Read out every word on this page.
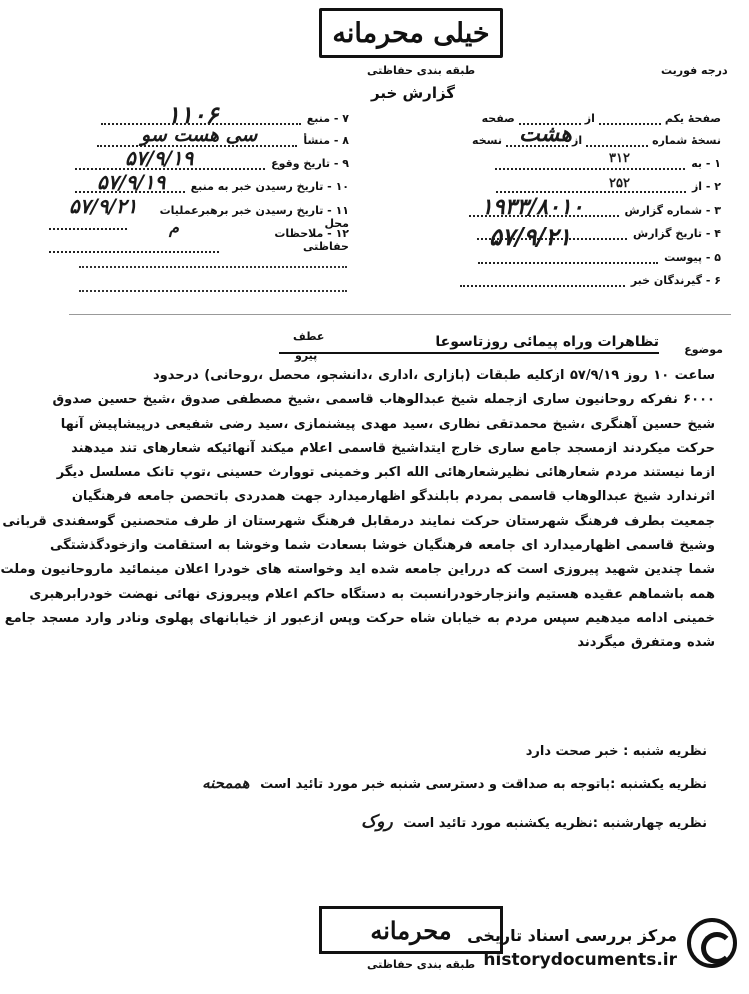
خیلی محرمانه
طبقه بندی حفاظتی
گزارش خبر
درجه فوریت
صفحهٔ یکم
از
صفحه
نسخهٔ شماره
از
نسخه
۱ - به
۲ - از
۳ - شماره گزارش
۴ - تاریخ گزارش
۵ - پیوست
۶ - گیرندگان خبر
هشت
۳۱۲
۲۵۲
۱۹۳۳/۸۰۱۰
۵۷/۹/۲۱
۷ - منبع
۸ - منشأ
۹ - تاریخ وقوع
۱۰ - تاریخ رسیدن خبر به منبع
۱۱ - تاریخ رسیدن خبر برهبرعملیات محل
۱۲ - ملاحظات حفاظتی
۱۱۰۶
سی هست سو
۵۷/۹/۱۹
۵۷/۹/۱۹
۵۷/۹/۲۱
م
موضوع
تظاهرات وراه پیمائی روزتاسوعا
عطف
پیرو
ساعت ۱۰ روز ۵۷/۹/۱۹ ازکلیه طبقات (بازاری ،اداری ،دانشجو، محصل ،روحانی) درحدود
۶۰۰۰ نفرکه روحانیون ساری ازجمله شیخ عبدالوهاب قاسمی ،شیخ مصطفی صدوق ،شیخ حسین صدوق
شیخ حسین آهنگری ،شیخ محمدتقی نظاری ،سید مهدی پیشنمازی ،سید رضی شفیعی درپیشاپیش آنها
حرکت میکردند ازمسجد جامع ساری خارج ایتداشیخ قاسمی اعلام میکند آنهائیکه شعارهای تند میدهند
ازما نیستند مردم شعارهائی نظیرشعارهائی الله اکبر وخمینی تووارث حسینی ،توپ تانک مسلسل دیگر
اثرندارد شیخ عبدالوهاب قاسمی بمردم بابلندگو اظهارمیدارد جهت همدردی باتحصن جامعه فرهنگیان
جمعیت بطرف فرهنگ شهرستان حرکت نمایند درمقابل فرهنگ شهرستان از طرف متحصنین گوسفندی قربانی
وشیخ قاسمی اظهارمیدارد ای جامعه فرهنگیان خوشا بسعادت شما وخوشا به استقامت وازخودگذشتگی
شما چندین شهید پیروزی است که درراین جامعه شده اید وخواسته های خودرا اعلان مینمائید ماروحانیون وملت
همه باشماهم عقیده هستیم وانزجارخودرانسبت به دستگاه حاکم اعلام وپیروزی نهائی نهضت خودرابرهبری
خمینی ادامه میدهیم سپس مردم به خیابان شاه حرکت وپس ازعبور از خیابانهای پهلوی ونادر وارد مسجد جامع
شده ومتفرق میگردند
نظریه شنبه : خبر صحت دارد
نظریه یکشنبه :باتوجه به صداقت و دسترسی شنبه خبر مورد تائید است هممحنه
نظریه چهارشنبه :نظریه یکشنبه مورد تائید است روک
محرمانه
طبقه بندی حفاظتی
مرکز بررسی اسناد تاریخی
historydocuments.ir
